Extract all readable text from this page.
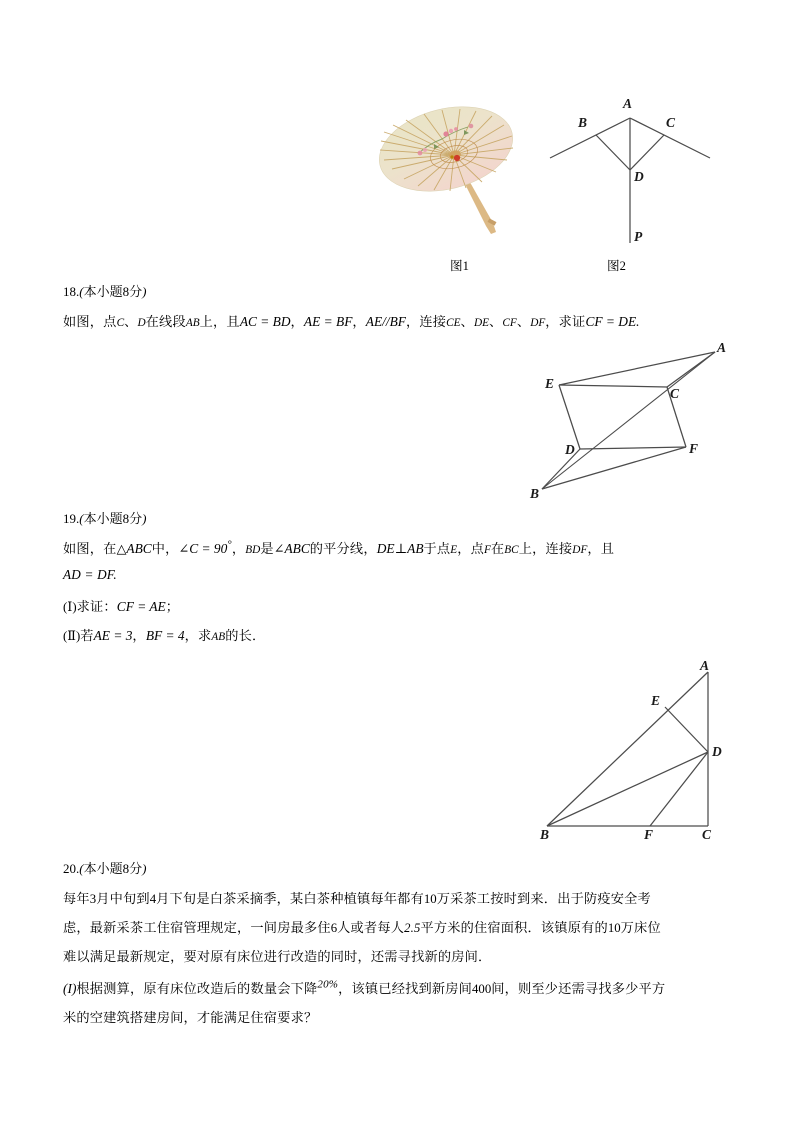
图1
A
B	C
D
P
图2
18.(本小题8分)
如图，点C、D在线段AB上，且AC = BD，AE = BF，AE//BF，连接CE、DE、CF、DF，求证CF = DE.
A
B
C
D
E
F
19.(本小题8分)
如图，在△ABC中，∠C = 90°，BD是∠ABC的平分线，DE⊥AB于点E，点F在BC上，连接DF，且
AD = DF.
(Ⅰ)求证：CF = AE；
(Ⅱ)若AE = 3，BF = 4，求AB的长．
A
B	C
D
E
F
20.(本小题8分)
每年3月中旬到4月下旬是白茶采摘季，某白茶种植镇每年都有10万采茶工按时到来．出于防疫安全考
虑，最新采茶工住宿管理规定，一间房最多住6人或者每人2.5平方米的住宿面积．该镇原有的10万床位
难以满足最新规定，要对原有床位进行改造的同时，还需寻找新的房间．
(I)根据测算，原有床位改造后的数量会下降$^{20\%}$，该镇已经找到新房间400间，则至少还需寻找多少平方
米的空建筑搭建房间，才能满足住宿要求？
